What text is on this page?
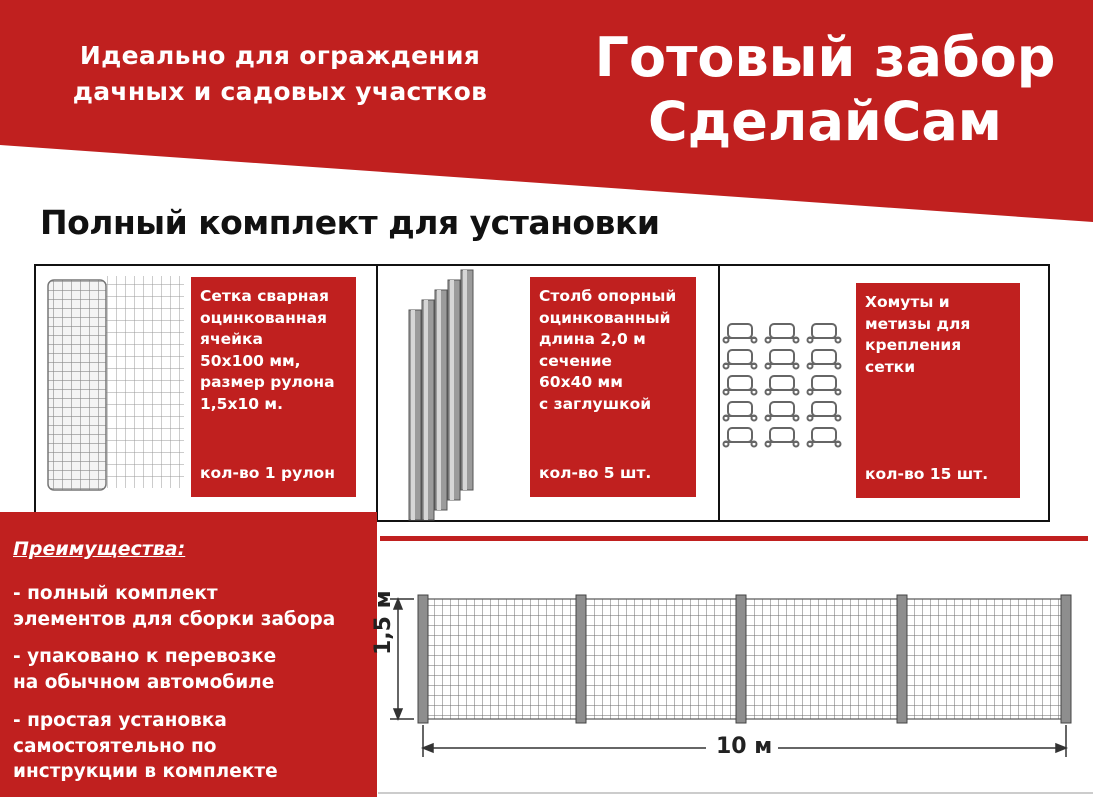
Идеально для ограждения
дачных и садовых участков
Готовый забор
СделайСам
Полный комплект для установки
Сетка сварная
оцинкованная
ячейка
50х100 мм,
размер рулона
1,5х10 м.
кол-во 1 рулон
Столб опорный
оцинкованный
длина 2,0 м
сечение
60х40 мм
с заглушкой
кол-во 5 шт.
Хомуты и
метизы для
крепления
сетки
кол-во 15 шт.
Преимущества:
- полный комплект
элементов для сборки забора
- упаковано к перевозке
на обычном автомобиле
- простая установка
самостоятельно по
инструкции в комплекте
1,5 м
10 м
